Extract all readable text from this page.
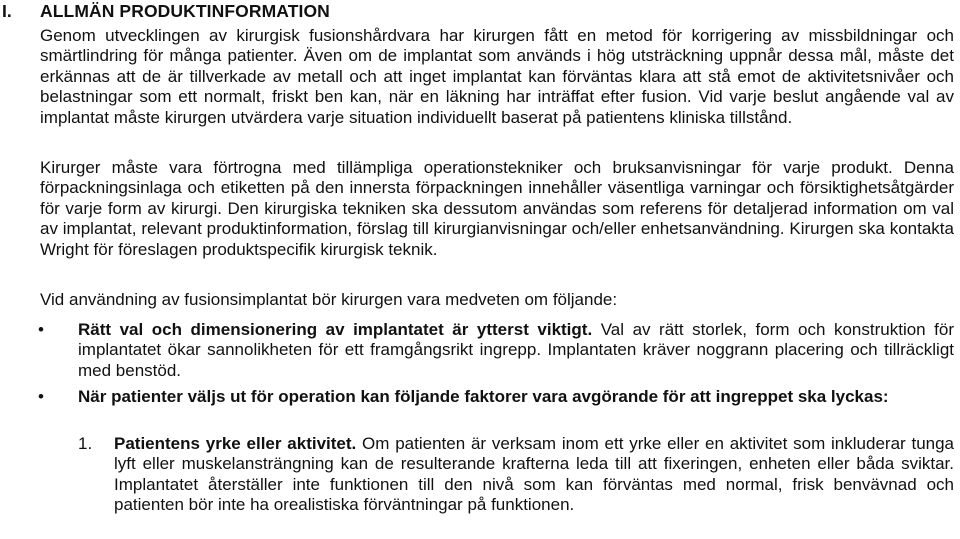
I. ALLMÄN PRODUKTINFORMATION

Genom utvecklingen av kirurgisk fusionshårdvara har kirurgen fått en metod för korrigering av missbildningar och smärtlindring för många patienter. Även om de implantat som används i hög utsträckning uppnår dessa mål, måste det erkännas att de är tillverkade av metall och att inget implantat kan förväntas klara att stå emot de aktivitetsnivåer och belastningar som ett normalt, friskt ben kan, när en läkning har inträffat efter fusion. Vid varje beslut angående val av implantat måste kirurgen utvärdera varje situation individuellt baserat på patientens kliniska tillstånd.

Kirurger måste vara förtrogna med tillämpliga operationstekniker och bruksanvisningar för varje produkt. Denna förpackningsinlaga och etiketten på den innersta förpackningen innehåller väsentliga varningar och försiktighetsåtgärder för varje form av kirurgi. Den kirurgiska tekniken ska dessutom användas som referens för detaljerad information om val av implantat, relevant produktinformation, förslag till kirurgianvisningar och/eller enhetsanvändning. Kirurgen ska kontakta Wright för föreslagen produktspecifik kirurgisk teknik.

Vid användning av fusionsimplantat bör kirurgen vara medveten om följande:

• Rätt val och dimensionering av implantatet är ytterst viktigt. Val av rätt storlek, form och konstruktion för implantatet ökar sannolikheten för ett framgångsrikt ingrepp. Implantaten kräver noggrann placering och tillräckligt med benstöd.

• När patienter väljs ut för operation kan följande faktorer vara avgörande för att ingreppet ska lyckas:

1. Patientens yrke eller aktivitet. Om patienten är verksam inom ett yrke eller en aktivitet som inkluderar tunga lyft eller muskelansträngning kan de resulterande krafterna leda till att fixeringen, enheten eller båda sviktar. Implantatet återställer inte funktionen till den nivå som kan förväntas med normal, frisk benvävnad och patienten bör inte ha orealistiska förväntningar på funktionen.
